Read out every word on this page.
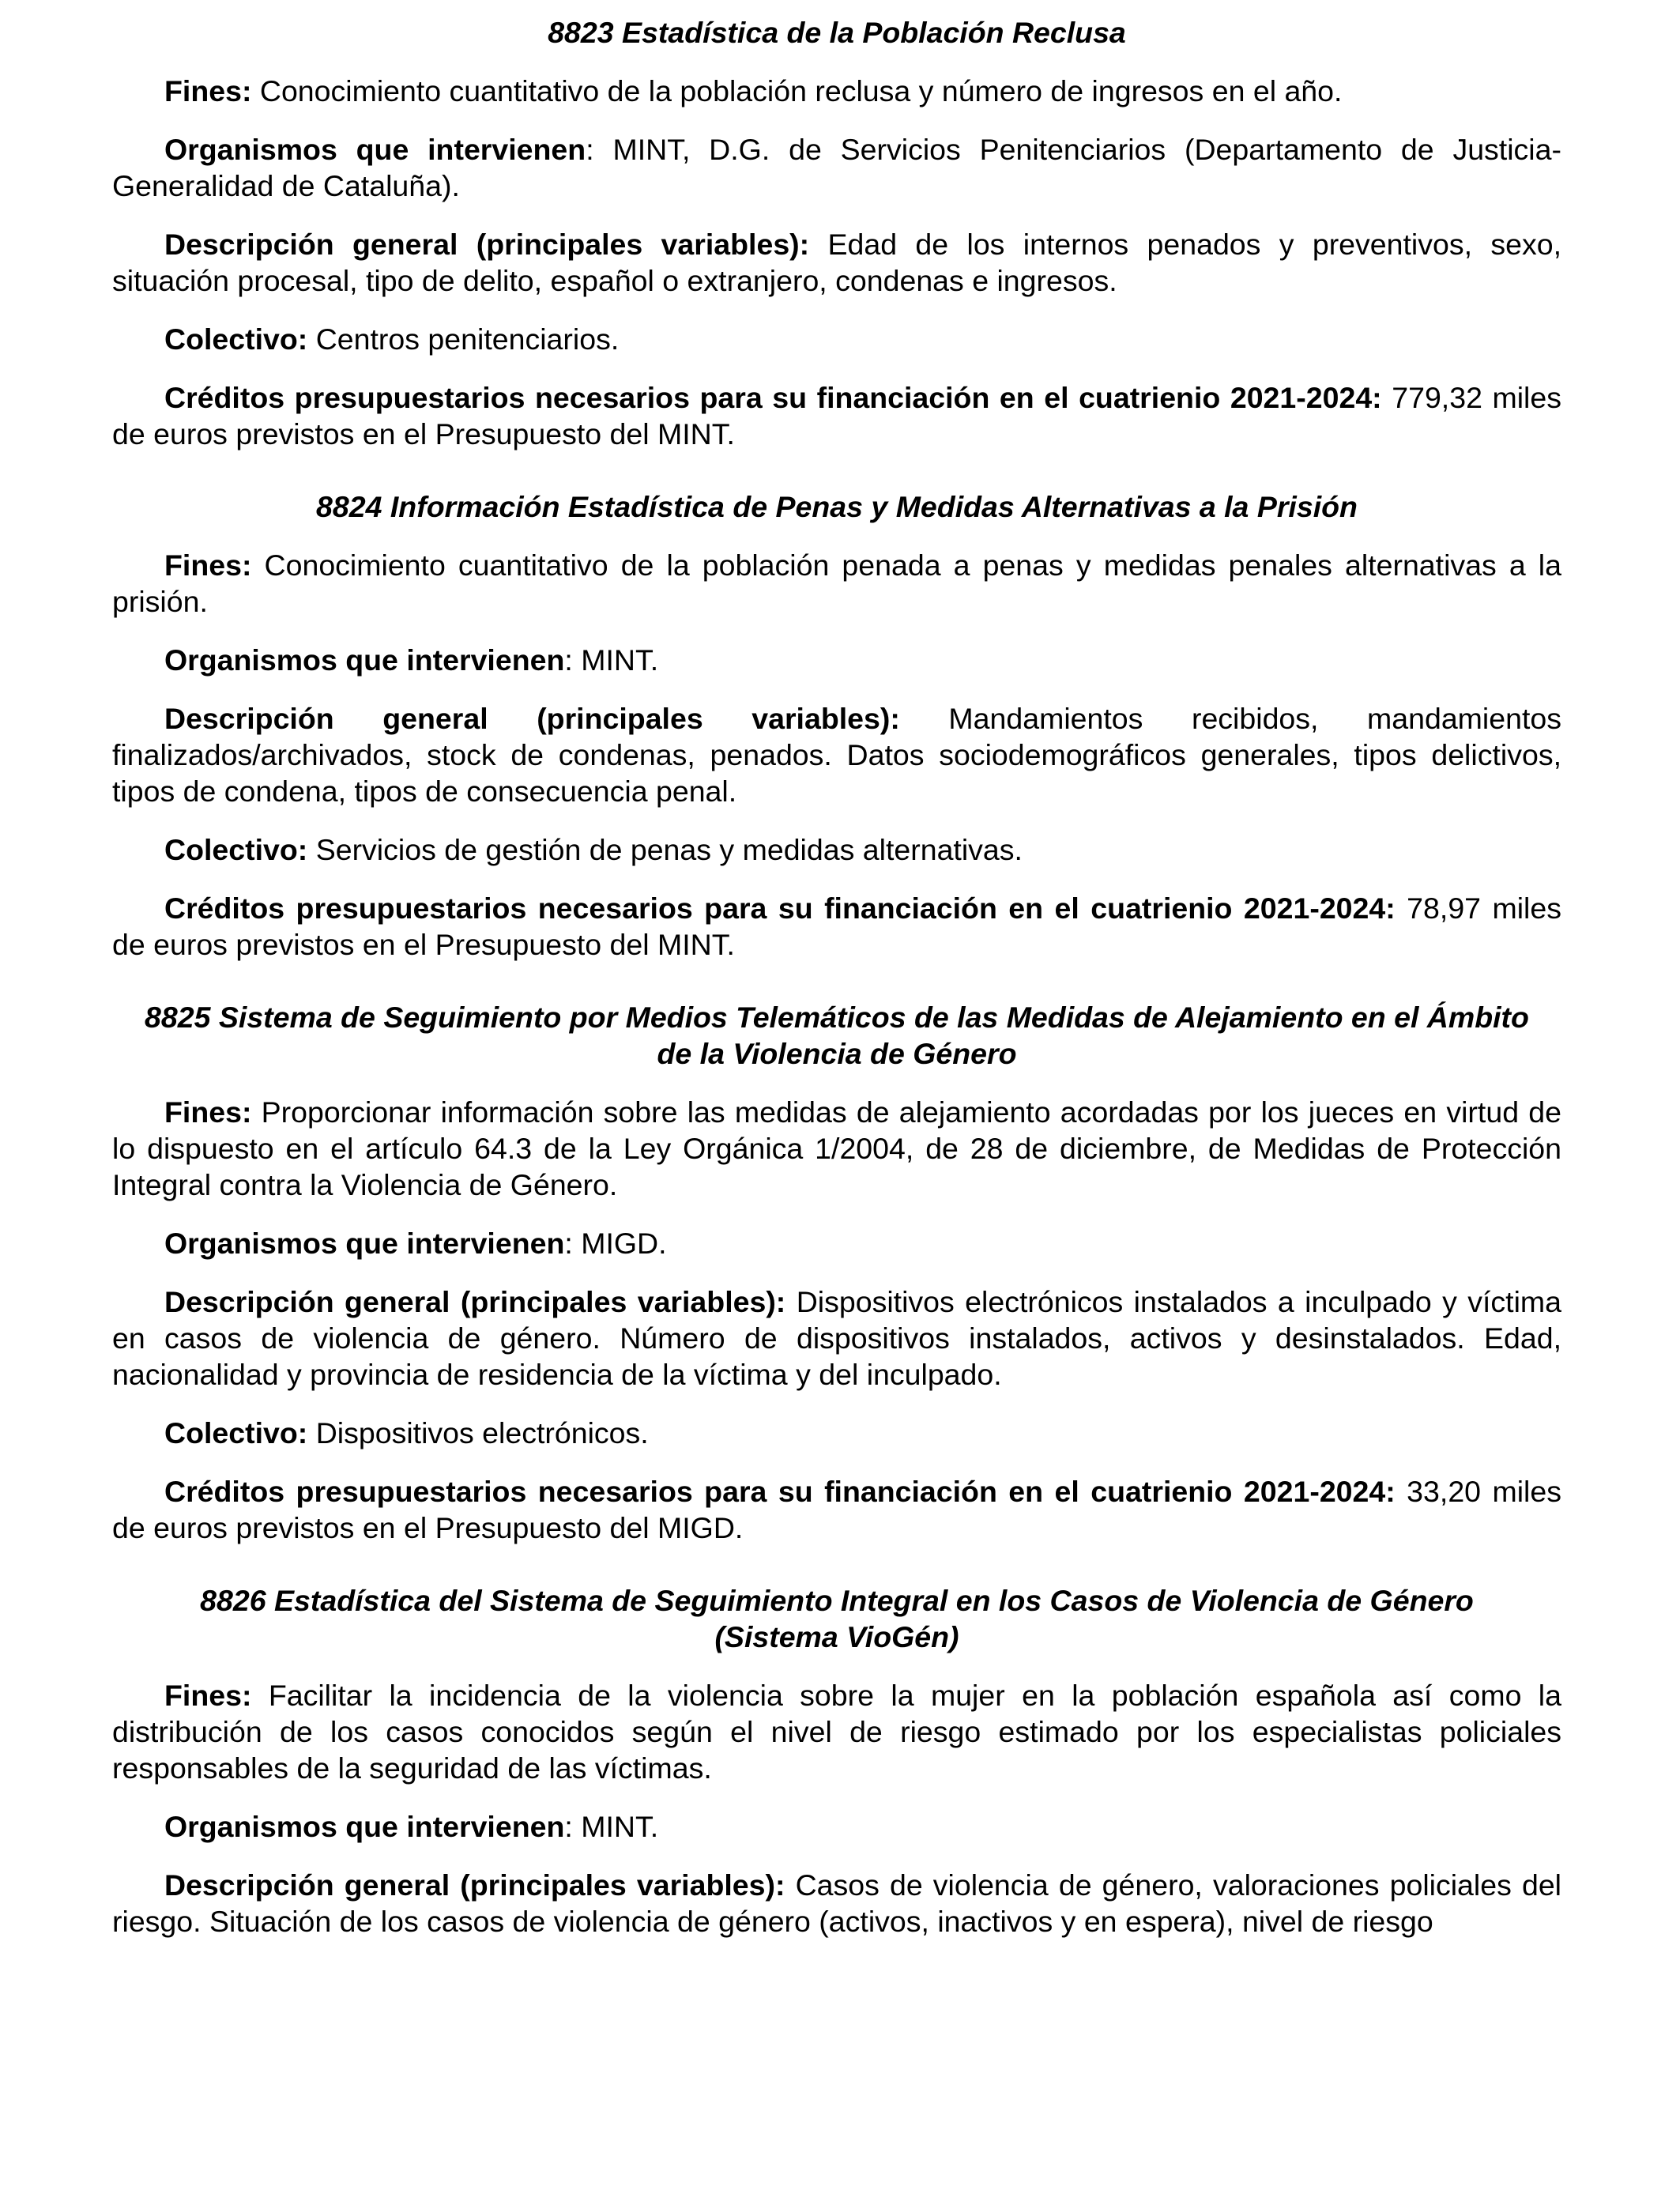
8823 Estadística de la Población Reclusa

Fines: Conocimiento cuantitativo de la población reclusa y número de ingresos en el año.

Organismos que intervienen: MINT, D.G. de Servicios Penitenciarios (Departamento de Justicia-Generalidad de Cataluña).

Descripción general (principales variables): Edad de los internos penados y preventivos, sexo, situación procesal, tipo de delito, español o extranjero, condenas e ingresos.

Colectivo: Centros penitenciarios.

Créditos presupuestarios necesarios para su financiación en el cuatrienio 2021-2024: 779,32 miles de euros previstos en el Presupuesto del MINT.

8824 Información Estadística de Penas y Medidas Alternativas a la Prisión

Fines: Conocimiento cuantitativo de la población penada a penas y medidas penales alternativas a la prisión.

Organismos que intervienen: MINT.

Descripción general (principales variables): Mandamientos recibidos, mandamientos finalizados/archivados, stock de condenas, penados. Datos sociodemográficos generales, tipos delictivos, tipos de condena, tipos de consecuencia penal.

Colectivo: Servicios de gestión de penas y medidas alternativas.

Créditos presupuestarios necesarios para su financiación en el cuatrienio 2021-2024: 78,97 miles de euros previstos en el Presupuesto del MINT.

8825 Sistema de Seguimiento por Medios Telemáticos de las Medidas de Alejamiento en el Ámbito de la Violencia de Género

Fines: Proporcionar información sobre las medidas de alejamiento acordadas por los jueces en virtud de lo dispuesto en el artículo 64.3 de la Ley Orgánica 1/2004, de 28 de diciembre, de Medidas de Protección Integral contra la Violencia de Género.

Organismos que intervienen: MIGD.

Descripción general (principales variables): Dispositivos electrónicos instalados a inculpado y víctima en casos de violencia de género. Número de dispositivos instalados, activos y desinstalados. Edad, nacionalidad y provincia de residencia de la víctima y del inculpado.

Colectivo: Dispositivos electrónicos.

Créditos presupuestarios necesarios para su financiación en el cuatrienio 2021-2024: 33,20 miles de euros previstos en el Presupuesto del MIGD.

8826 Estadística del Sistema de Seguimiento Integral en los Casos de Violencia de Género (Sistema VioGén)

Fines: Facilitar la incidencia de la violencia sobre la mujer en la población española así como la distribución de los casos conocidos según el nivel de riesgo estimado por los especialistas policiales responsables de la seguridad de las víctimas.

Organismos que intervienen: MINT.

Descripción general (principales variables): Casos de violencia de género, valoraciones policiales del riesgo. Situación de los casos de violencia de género (activos, inactivos y en espera), nivel de riesgo
